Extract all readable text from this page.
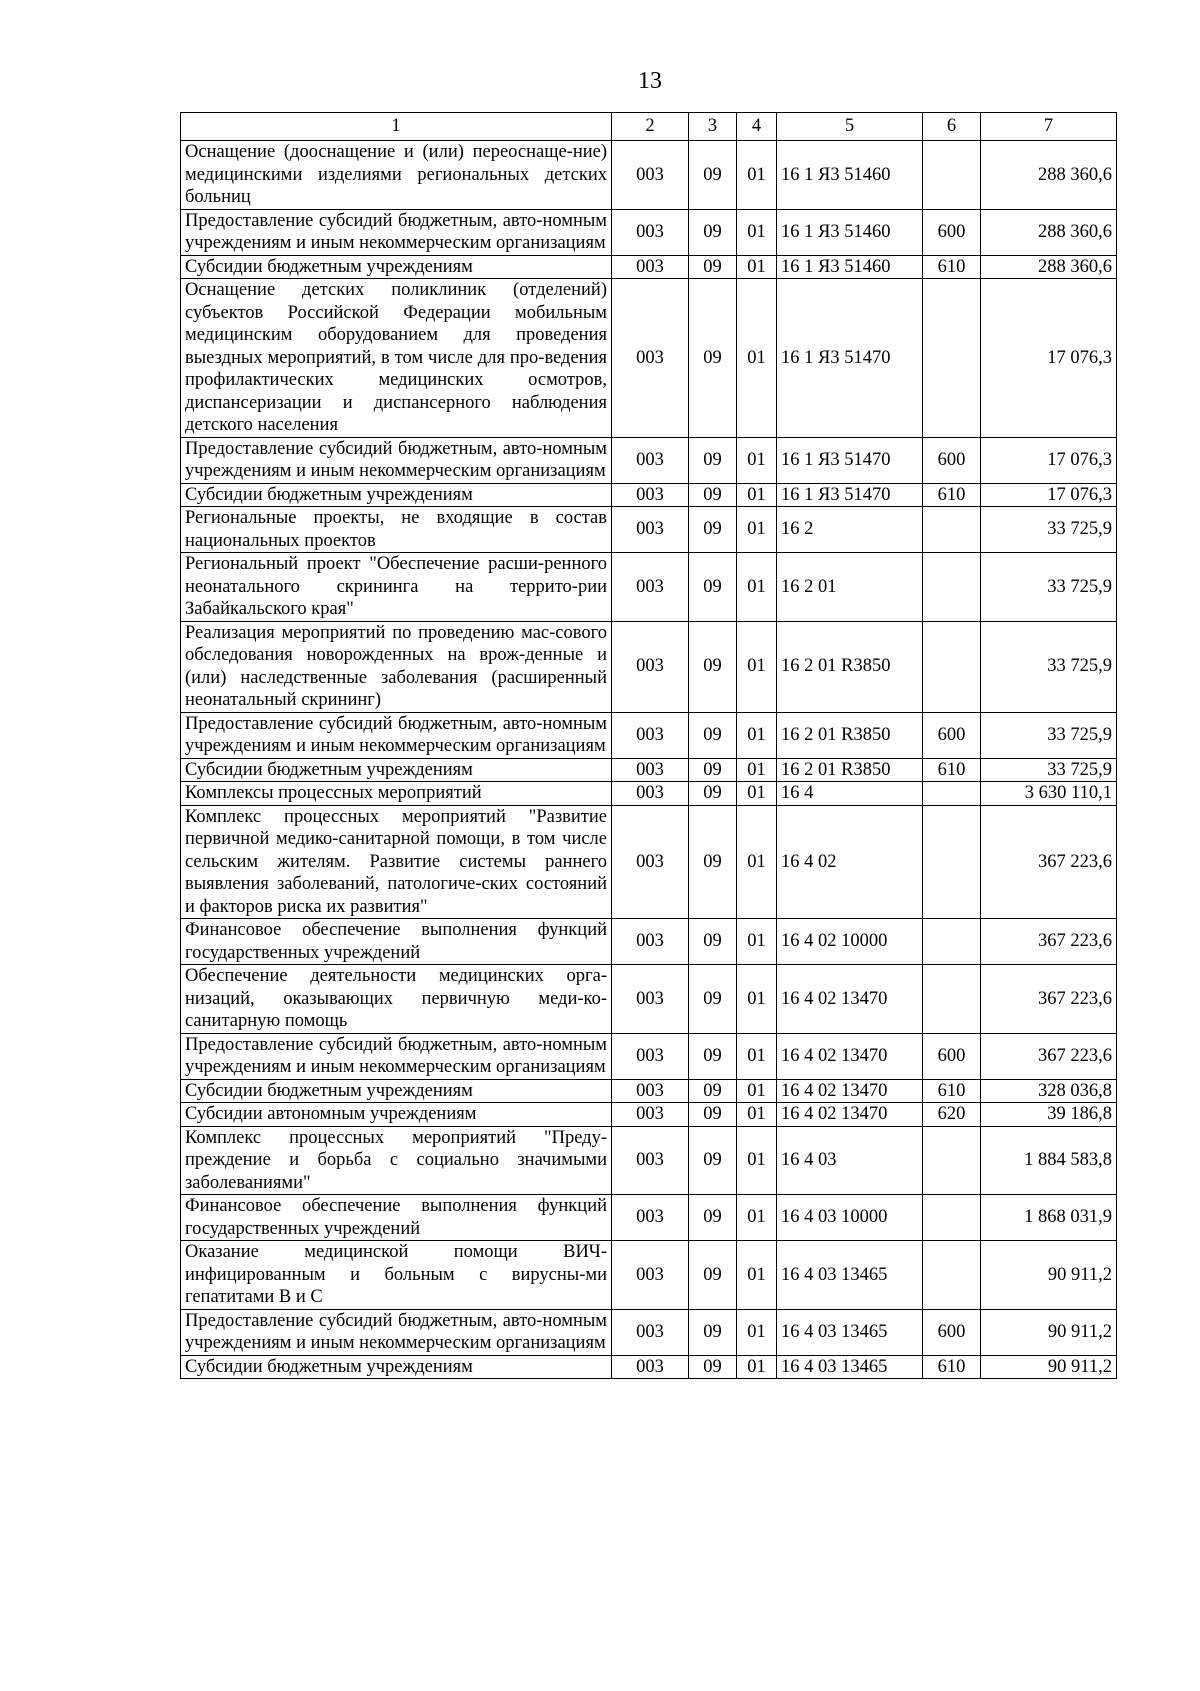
13
1	2	3	4	5	6	7
Оснащение (дооснащение и (или) переоснаще-ние) медицинскими изделиями региональных детских больниц	003	09	01	16 1 Я3 51460		288 360,6
Предоставление субсидий бюджетным, авто-номным учреждениям и иным некоммерческим организациям	003	09	01	16 1 Я3 51460	600	288 360,6
Субсидии бюджетным учреждениям	003	09	01	16 1 Я3 51460	610	288 360,6
Оснащение детских поликлиник (отделений) субъектов Российской Федерации мобильным медицинским оборудованием для проведения выездных мероприятий, в том числе для про-ведения профилактических медицинских осмотров, диспансеризации и диспансерного наблюдения детского населения	003	09	01	16 1 Я3 51470		17 076,3
Предоставление субсидий бюджетным, авто-номным учреждениям и иным некоммерческим организациям	003	09	01	16 1 Я3 51470	600	17 076,3
Субсидии бюджетным учреждениям	003	09	01	16 1 Я3 51470	610	17 076,3
Региональные проекты, не входящие в состав национальных проектов	003	09	01	16 2		33 725,9
Региональный проект "Обеспечение расши-ренного неонатального скрининга на террито-рии Забайкальского края"	003	09	01	16 2 01		33 725,9
Реализация мероприятий по проведению мас-сового обследования новорожденных на врож-денные и (или) наследственные заболевания (расширенный неонатальный скрининг)	003	09	01	16 2 01 R3850		33 725,9
Предоставление субсидий бюджетным, авто-номным учреждениям и иным некоммерческим организациям	003	09	01	16 2 01 R3850	600	33 725,9
Субсидии бюджетным учреждениям	003	09	01	16 2 01 R3850	610	33 725,9
Комплексы процессных мероприятий	003	09	01	16 4		3 630 110,1
Комплекс процессных мероприятий "Развитие первичной медико-санитарной помощи, в том числе сельским жителям. Развитие системы раннего выявления заболеваний, патологиче-ских состояний и факторов риска их развития"	003	09	01	16 4 02		367 223,6
Финансовое обеспечение выполнения функций государственных учреждений	003	09	01	16 4 02 10000		367 223,6
Обеспечение деятельности медицинских орга-низаций, оказывающих первичную меди-ко-санитарную помощь	003	09	01	16 4 02 13470		367 223,6
Предоставление субсидий бюджетным, авто-номным учреждениям и иным некоммерческим организациям	003	09	01	16 4 02 13470	600	367 223,6
Субсидии бюджетным учреждениям	003	09	01	16 4 02 13470	610	328 036,8
Субсидии автономным учреждениям	003	09	01	16 4 02 13470	620	39 186,8
Комплекс процессных мероприятий "Преду-преждение и борьба с социально значимыми заболеваниями"	003	09	01	16 4 03		1 884 583,8
Финансовое обеспечение выполнения функций государственных учреждений	003	09	01	16 4 03 10000		1 868 031,9
Оказание медицинской помощи ВИЧ-инфицированным и больным с вирусны-ми гепатитами В и С	003	09	01	16 4 03 13465		90 911,2
Предоставление субсидий бюджетным, авто-номным учреждениям и иным некоммерческим организациям	003	09	01	16 4 03 13465	600	90 911,2
Субсидии бюджетным учреждениям	003	09	01	16 4 03 13465	610	90 911,2
